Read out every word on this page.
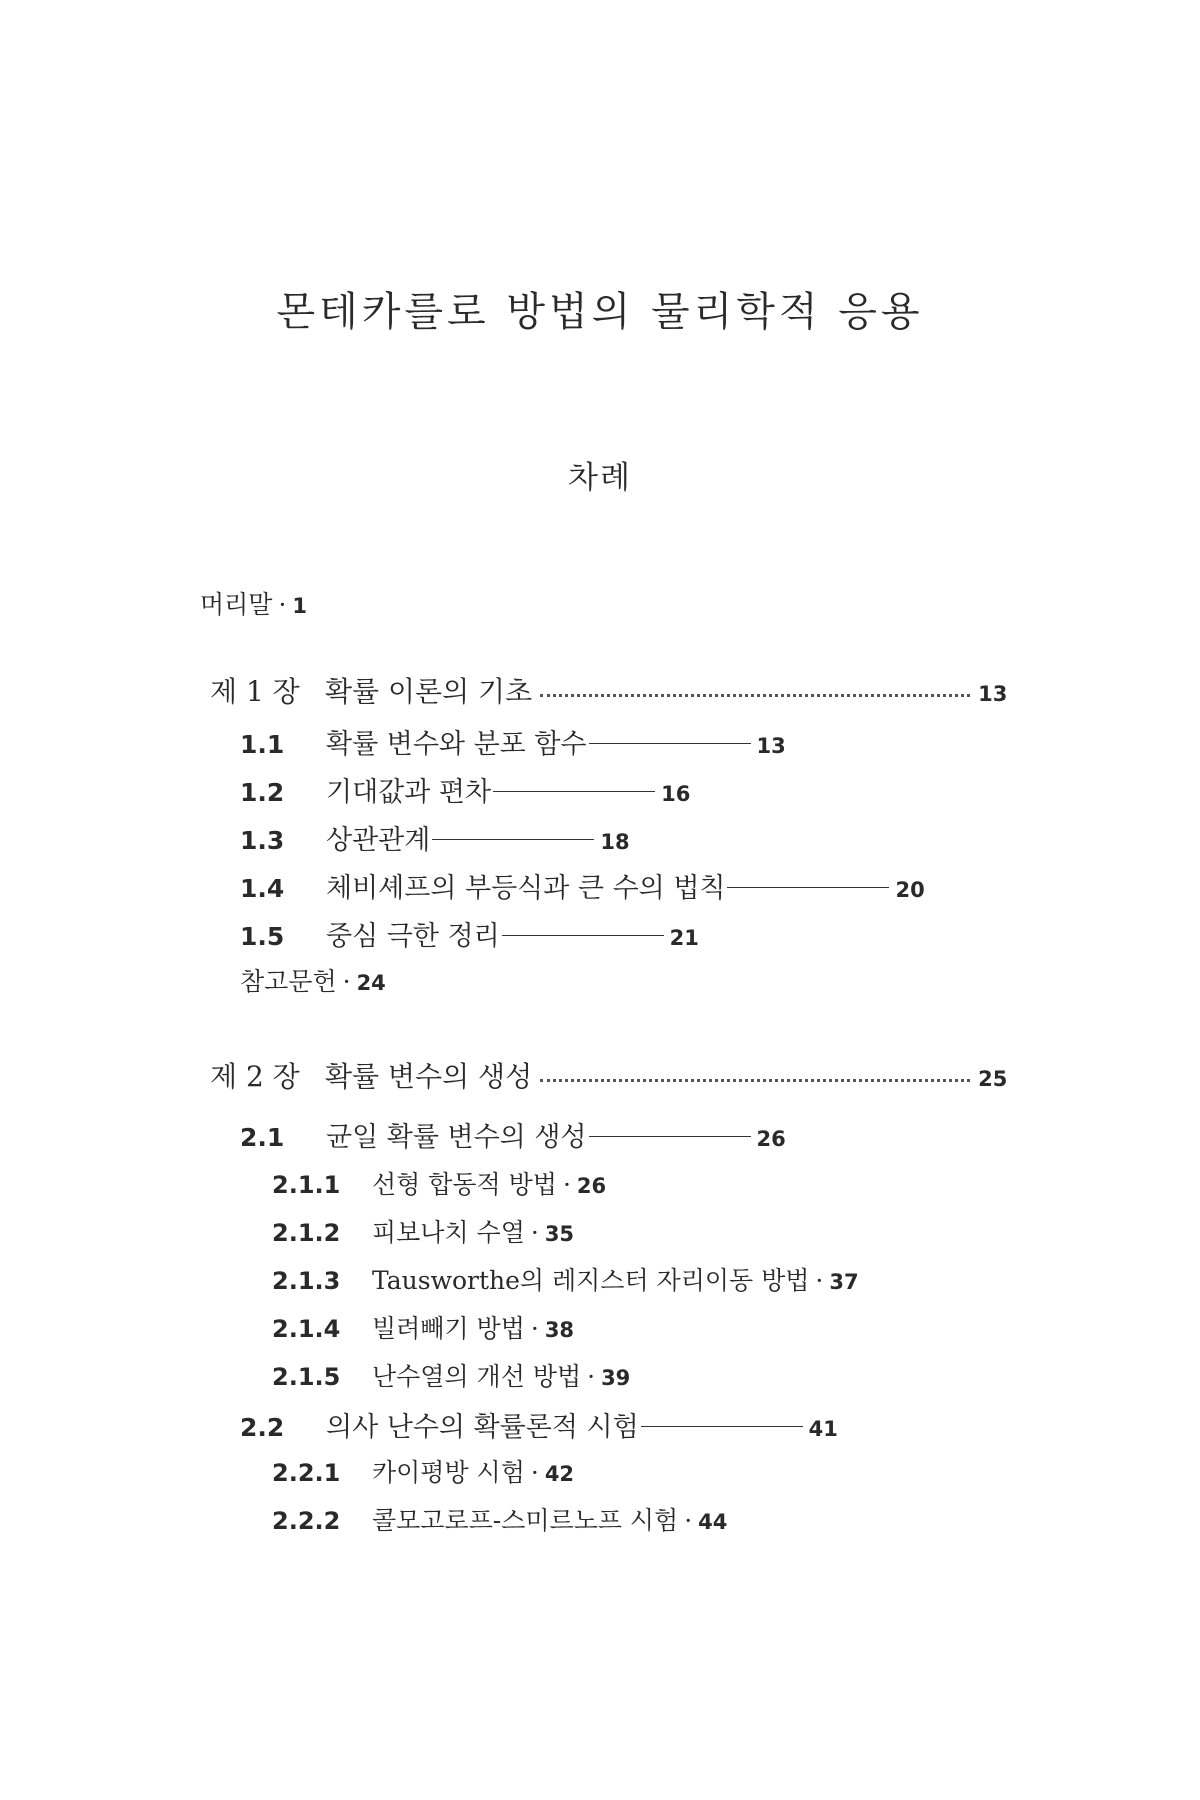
몬테카를로 방법의 물리학적 응용
차례
머리말 · 1
제 1 장 확률 이론의 기초	13
1.1 확률 변수와 분포 함수	13
1.2 기대값과 편차	16
1.3 상관관계	18
1.4 체비셰프의 부등식과 큰 수의 법칙	20
1.5 중심 극한 정리	21
참고문헌 · 24
제 2 장 확률 변수의 생성	25
2.1 균일 확률 변수의 생성	26
2.1.1 선형 합동적 방법 · 26
2.1.2 피보나치 수열 · 35
2.1.3 Tausworthe의 레지스터 자리이동 방법 · 37
2.1.4 빌려빼기 방법 · 38
2.1.5 난수열의 개선 방법 · 39
2.2 의사 난수의 확률론적 시험	41
2.2.1 카이평방 시험 · 42
2.2.2 콜모고로프-스미르노프 시험 · 44
